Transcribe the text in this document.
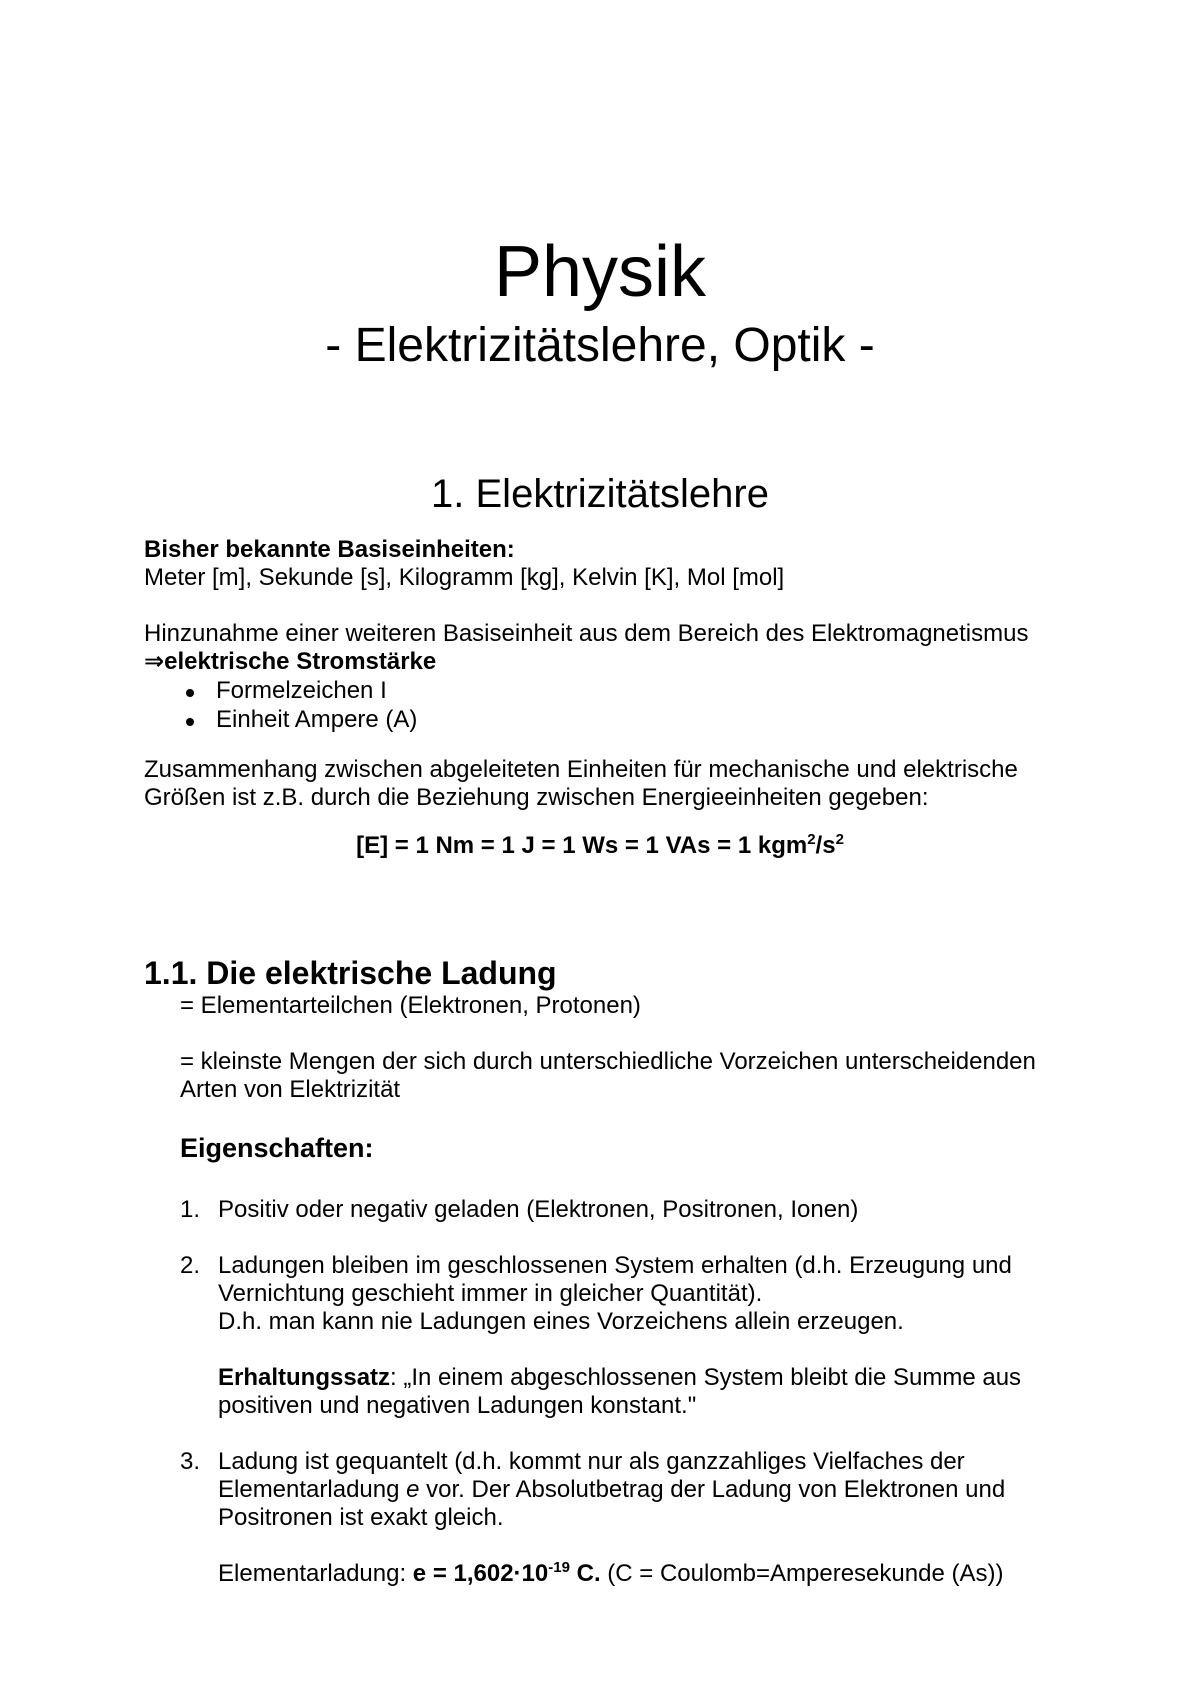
Physik
- Elektrizitätslehre, Optik -
1. Elektrizitätslehre
Bisher bekannte Basiseinheiten:
Meter [m], Sekunde [s], Kilogramm [kg], Kelvin [K], Mol [mol]
Hinzunahme einer weiteren Basiseinheit aus dem Bereich des Elektromagnetismus
⇒elektrische Stromstärke
Formelzeichen I
Einheit Ampere (A)
Zusammenhang zwischen abgeleiteten Einheiten für mechanische und elektrische
Größen ist z.B. durch die Beziehung zwischen Energieeinheiten gegeben:
[E] = 1 Nm = 1 J = 1 Ws = 1 VAs = 1 $kgm^2/s^2$
1.1. Die elektrische Ladung
= Elementarteilchen (Elektronen, Protonen)
= kleinste Mengen der sich durch unterschiedliche Vorzeichen unterscheidenden
Arten von Elektrizität
Eigenschaften:
1. Positiv oder negativ geladen (Elektronen, Positronen, Ionen)
2. Ladungen bleiben im geschlossenen System erhalten (d.h. Erzeugung und
Vernichtung geschieht immer in gleicher Quantität).
D.h. man kann nie Ladungen eines Vorzeichens allein erzeugen.
Erhaltungssatz: „In einem abgeschlossenen System bleibt die Summe aus
positiven und negativen Ladungen konstant."
3. Ladung ist gequantelt (d.h. kommt nur als ganzzahliges Vielfaches der
Elementarladung e vor. Der Absolutbetrag der Ladung von Elektronen und
Positronen ist exakt gleich.
Elementarladung: $e = 1,602\cdot 10^{-19}$ C. (C = Coulomb=Amperesekunde (As))
